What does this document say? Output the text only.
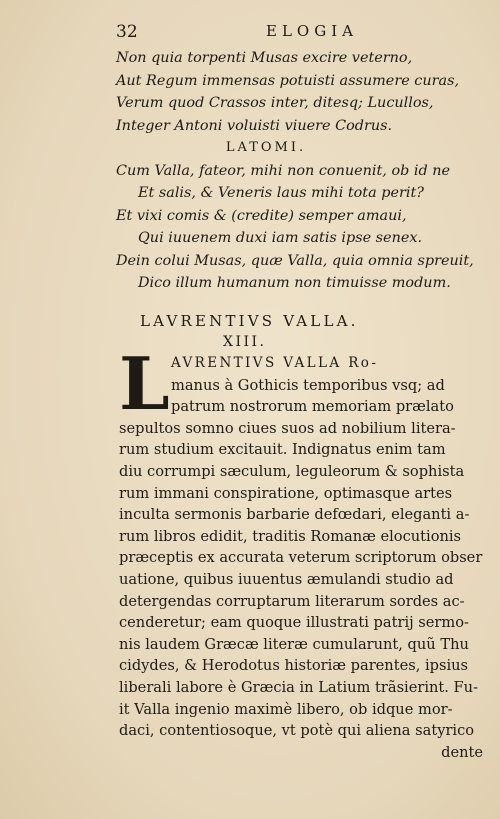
32	ELOGIA
Non quia torpenti Musas excire veterno,
Aut Regum immensas potuisti assumere curas,
Verum quod Crassos inter, ditesq; Lucullos,
Integer Antoni voluisti viuere Codrus.
LATOMI.
Cum Valla, fateor, mihi non conuenit, ob id ne
Et salis, & Veneris laus mihi tota perit?
Et vixi comis & (credite) semper amaui,
Qui iuuenem duxi iam satis ipse senex.
Dein colui Musas, quæ Valla, quia omnia spreuit,
Dico illum humanum non timuisse modum.
LAVRENTIVS VALLA.
XIII.
L AVRENTIVS VALLA Ro-
manus à Gothicis temporibus vsq; ad
patrum nostrorum memoriam prælato
sepultos somno ciues suos ad nobilium litera-
rum studium excitauit. Indignatus enim tam
diu corrumpi sæculum, leguleorum & sophista
rum immani conspiratione, optimasque artes
inculta sermonis barbarie defœdari, eleganti a-
rum libros edidit, traditis Romanæ elocutionis
præceptis ex accurata veterum scriptorum obser
uatione, quibus iuuentus æmulandi studio ad
detergendas corruptarum literarum sordes ac-
cenderetur; eam quoque illustrati patrij sermo-
nis laudem Græcæ literæ cumularunt, quũ Thu
cidydes, & Herodotus historiæ parentes, ipsius
liberali labore è Græcia in Latium trãsierint. Fu-
it Valla ingenio maximè libero, ob idque mor-
daci, contentiosoque, vt potè qui aliena satyrico
dente
